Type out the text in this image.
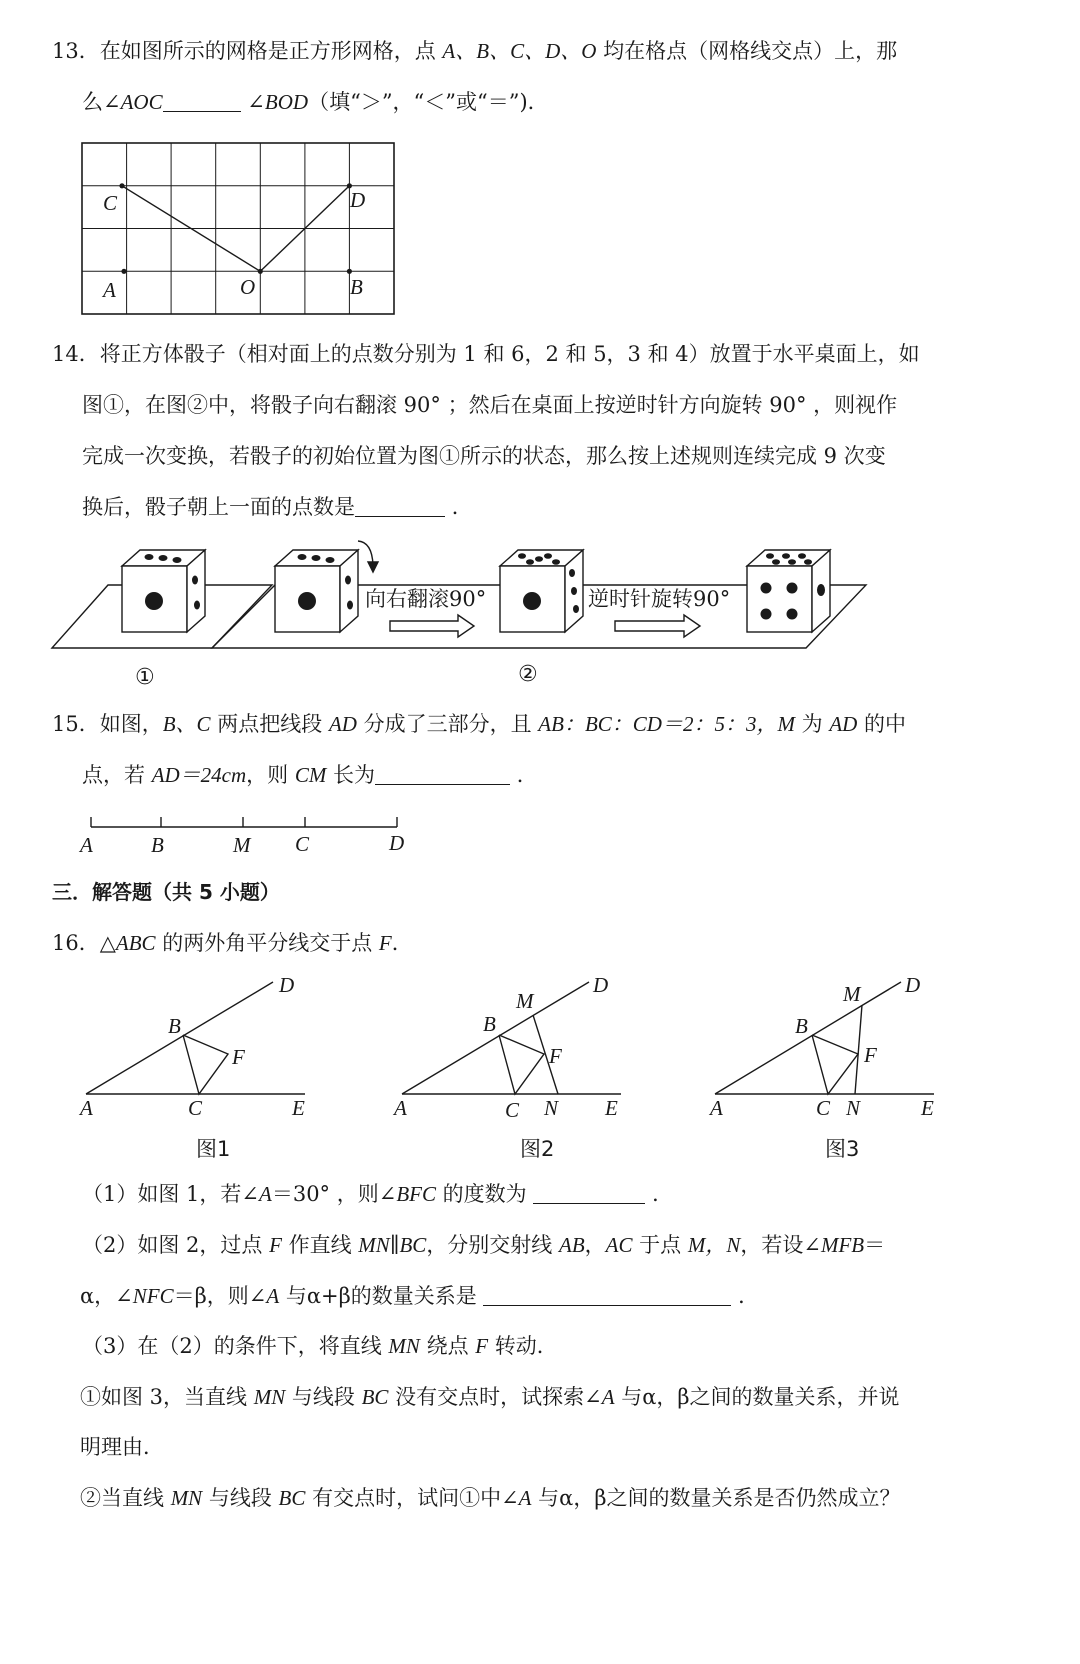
13．在如图所示的网格是正方形网格，点 A、B、C、D、O 均在格点（网格线交点）上，那
么∠AOC	∠BOD（填“＞”，“＜”或“＝”)．
C	D
A	O	B
向右翻滚90°	逆时针旋转90°
①	②
A	B	M C	D
A
B
C
D
E
F
图1
A
B
C N
M
D
E
F
图2
A
B
C N
M D
E
F
图3
14．将正方体骰子（相对面上的点数分别为 1 和 6，2 和 5，3 和 4）放置于水平桌面上，如
图①，在图②中，将骰子向右翻滚 90° ；然后在桌面上按逆时针方向旋转 90° ，则视作
完成一次变换，若骰子的初始位置为图①所示的状态，那么按上述规则连续完成 9 次变
换后，骰子朝上一面的点数是	．
15．如图，B、C 两点把线段 AD 分成了三部分，且 AB：BC：CD＝2：5：3，M 为 AD 的中
点，若 AD＝24cm，则 CM 长为	．
三．解答题（共 5 小题）
16．△ABC 的两外角平分线交于点 F．
（1）如图 1，若∠A＝30° ，则∠BFC 的度数为	．
（2）如图 2，过点 F 作直线 MN∥BC，分别交射线 AB，AC 于点 M，N，若设∠MFB＝
α，∠NFC＝β，则∠A 与α+β的数量关系是	．
（3）在（2）的条件下，将直线 MN 绕点 F 转动．
①如图 3，当直线 MN 与线段 BC 没有交点时，试探索∠A 与α，β之间的数量关系，并说
明理由．
②当直线 MN 与线段 BC 有交点时，试问①中∠A 与α，β之间的数量关系是否仍然成立？
